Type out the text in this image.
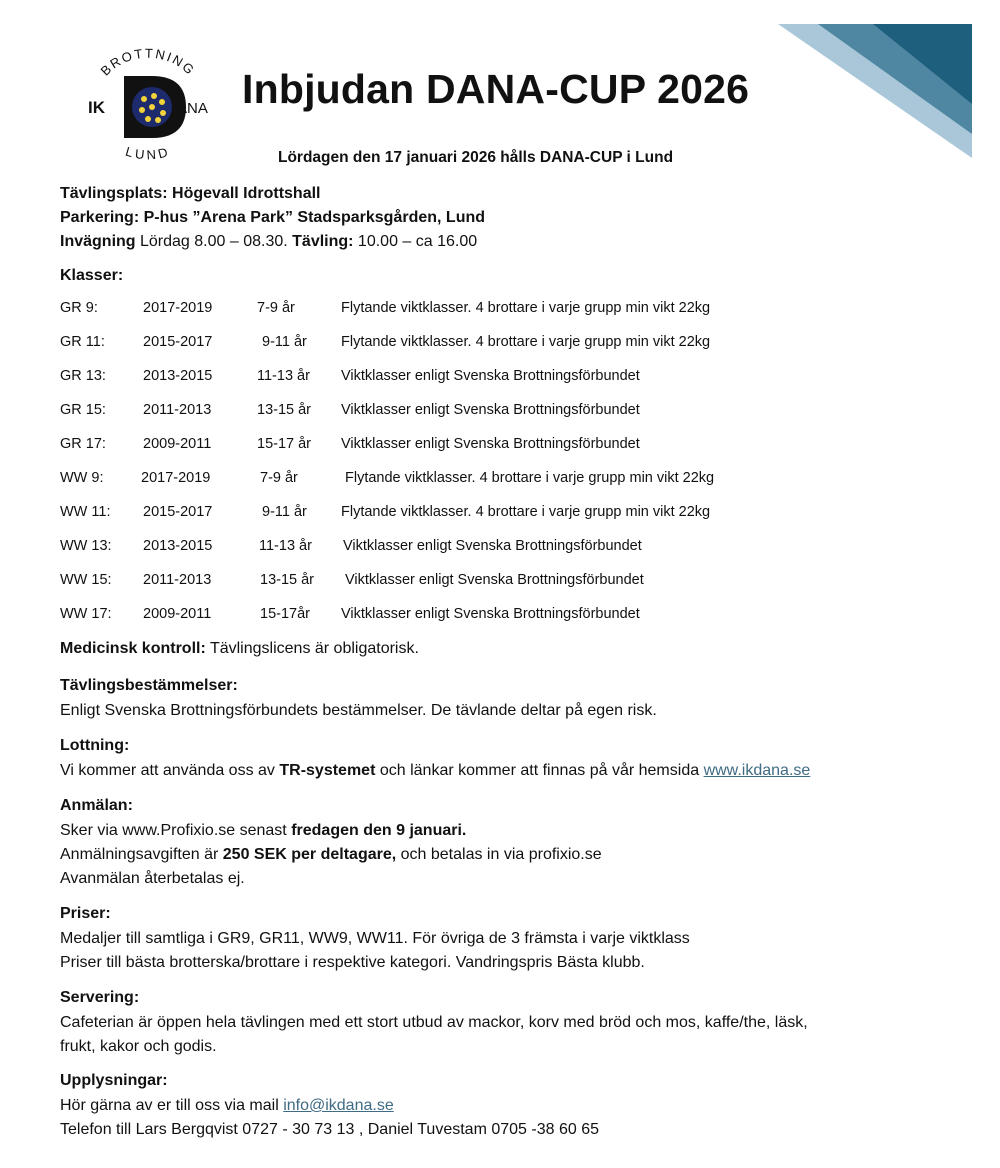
BROTTNING
LUND
IK	ANA Inbjudan DANA-CUP 2026
Lördagen den 17 januari 2026 hålls DANA-CUP i Lund
Tävlingsplats: Högevall Idrottshall
Parkering: P-hus ”Arena Park” Stadsparksgården, Lund
Invägning Lördag 8.00 – 08.30. Tävling: 10.00 – ca 16.00
Klasser:
GR 9:	2017-2019	7-9 år	Flytande viktklasser. 4 brottare i varje grupp min vikt 22kg
GR 11:	2015-2017	9-11 år Flytande viktklasser. 4 brottare i varje grupp min vikt 22kg
GR 13:	2013-2015	11-13 år Viktklasser enligt Svenska Brottningsförbundet
GR 15:	2011-2013	13-15 år Viktklasser enligt Svenska Brottningsförbundet
GR 17:	2009-2011	15-17 år Viktklasser enligt Svenska Brottningsförbundet
WW 9:	2017-2019	7-9 år	Flytande viktklasser. 4 brottare i varje grupp min vikt 22kg
WW 11: 2015-2017	9-11 år Flytande viktklasser. 4 brottare i varje grupp min vikt 22kg
WW 13: 2013-2015	11-13 år Viktklasser enligt Svenska Brottningsförbundet
WW 15: 2011-2013	13-15 år Viktklasser enligt Svenska Brottningsförbundet
WW 17: 2009-2011	15-17år Viktklasser enligt Svenska Brottningsförbundet
Medicinsk kontroll: Tävlingslicens är obligatorisk.
Tävlingsbestämmelser:
Enligt Svenska Brottningsförbundets bestämmelser. De tävlande deltar på egen risk.
Lottning:
Vi kommer att använda oss av TR-systemet och länkar kommer att finnas på vår hemsida www.ikdana.se
Anmälan:
Sker via www.Profixio.se senast fredagen den 9 januari.
Anmälningsavgiften är 250 SEK per deltagare, och betalas in via profixio.se
Avanmälan återbetalas ej.
Priser:
Medaljer till samtliga i GR9, GR11, WW9, WW11. För övriga de 3 främsta i varje viktklass
Priser till bästa brotterska/brottare i respektive kategori. Vandringspris Bästa klubb.
Servering:
Cafeterian är öppen hela tävlingen med ett stort utbud av mackor, korv med bröd och mos, kaffe/the, läsk,
frukt, kakor och godis.
Upplysningar:
Hör gärna av er till oss via mail info@ikdana.se
Telefon till Lars Bergqvist 0727 - 30 73 13 , Daniel Tuvestam 0705 -38 60 65
